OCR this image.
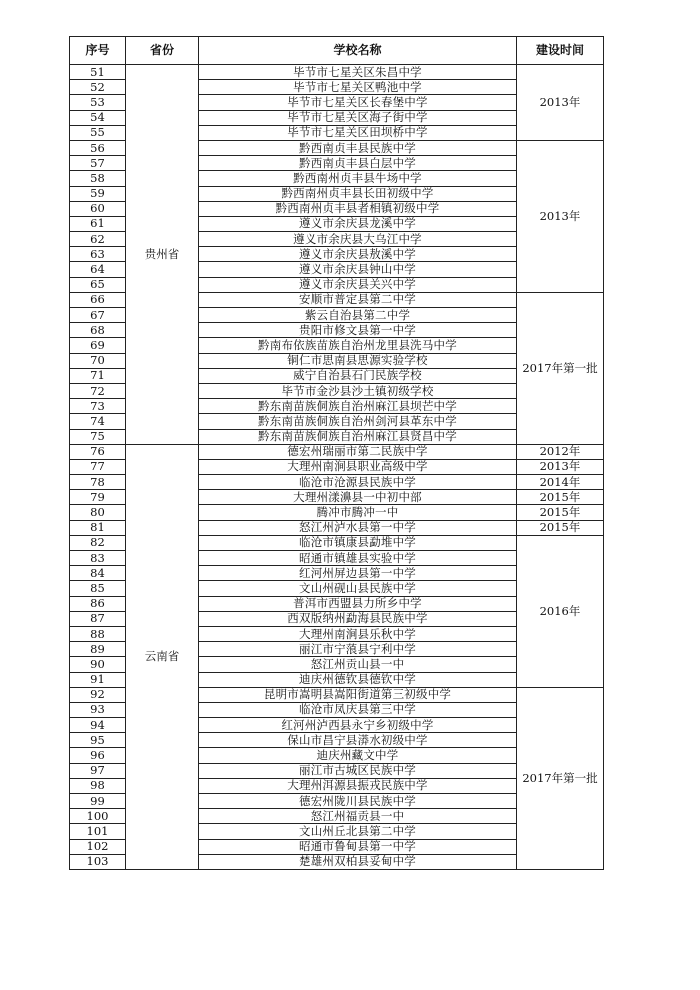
序号	省份	学校名称	建设时间
51	贵州省	毕节市七星关区朱昌中学	2013年
52		毕节市七星关区鸭池中学	
53		毕节市七星关区长春堡中学	
54		毕节市七星关区海子街中学	
55		毕节市七星关区田坝桥中学	
56		黔西南贞丰县民族中学	2013年
57		黔西南贞丰县白层中学	
58		黔西南州贞丰县牛场中学	
59		黔西南州贞丰县长田初级中学	
60		黔西南州贞丰县者相镇初级中学	
61		遵义市余庆县龙溪中学	
62		遵义市余庆县大乌江中学	
63		遵义市余庆县敖溪中学	
64		遵义市余庆县钟山中学	
65		遵义市余庆县关兴中学	
66		安顺市普定县第二中学	2017年第一批
67		紫云自治县第二中学	
68		贵阳市修文县第一中学	
69		黔南布依族苗族自治州龙里县洗马中学	
70		铜仁市思南县思源实验学校	
71		威宁自治县石门民族学校	
72		毕节市金沙县沙土镇初级学校	
73		黔东南苗族侗族自治州麻江县坝芒中学	
74		黔东南苗族侗族自治州剑河县革东中学	
75		黔东南苗族侗族自治州麻江县贤昌中学	
76	云南省	德宏州瑞丽市第二民族中学	2012年
77		大理州南涧县职业高级中学	2013年
78		临沧市沧源县民族中学	2014年
79		大理州漾濞县一中初中部	2015年
80		腾冲市腾冲一中	2015年
81		怒江州泸水县第一中学	2015年
82		临沧市镇康县勐堆中学	2016年
83		昭通市镇雄县实验中学	
84		红河州屏边县第一中学	
85		文山州砚山县民族中学	
86		普洱市西盟县力所乡中学	
87		西双版纳州勐海县民族中学	
88		大理州南涧县乐秋中学	
89		丽江市宁蒗县宁利中学	
90		怒江州贡山县一中	
91		迪庆州德钦县德钦中学	
92		昆明市嵩明县嵩阳街道第三初级中学	2017年第一批
93		临沧市凤庆县第三中学	
94		红河州泸西县永宁乡初级中学	
95		保山市昌宁县漭水初级中学	
96		迪庆州藏文中学	
97		丽江市古城区民族中学	
98		大理州洱源县振戎民族中学	
99		德宏州陇川县民族中学	
100		怒江州福贡县一中	
101		文山州丘北县第二中学	
102		昭通市鲁甸县第一中学	
103		楚雄州双柏县妥甸中学	
